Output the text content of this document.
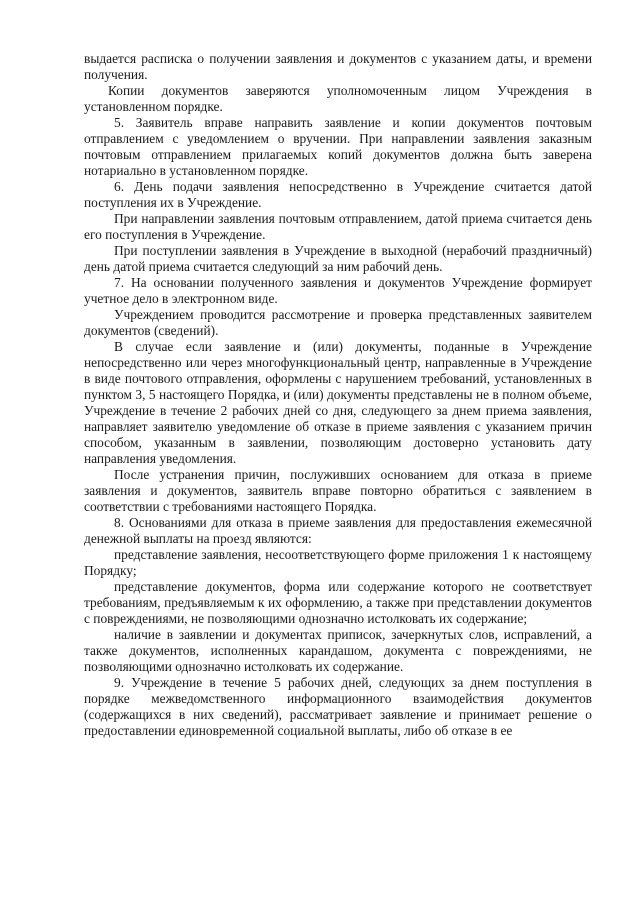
выдается расписка о получении заявления и документов с указанием даты, и времени получения.

Копии документов заверяются уполномоченным лицом Учреждения в установленном порядке.

5. Заявитель вправе направить заявление и копии документов почтовым отправлением с уведомлением о вручении. При направлении заявления заказным почтовым отправлением прилагаемых копий документов должна быть заверена нотариально в установленном порядке.

6. День подачи заявления непосредственно в Учреждение считается датой поступления их в Учреждение.

При направлении заявления почтовым отправлением, датой приема считается день его поступления в Учреждение.

При поступлении заявления в Учреждение в выходной (нерабочий праздничный) день датой приема считается следующий за ним рабочий день.

7. На основании полученного заявления и документов Учреждение формирует учетное дело в электронном виде.

Учреждением проводится рассмотрение и проверка представленных заявителем документов (сведений).

В случае если заявление и (или) документы, поданные в Учреждение непосредственно или через многофункциональный центр, направленные в Учреждение в виде почтового отправления, оформлены с нарушением требований, установленных в пунктом 3, 5 настоящего Порядка, и (или) документы представлены не в полном объеме, Учреждение в течение 2 рабочих дней со дня, следующего за днем приема заявления, направляет заявителю уведомление об отказе в приеме заявления с указанием причин способом, указанным в заявлении, позволяющим достоверно установить дату направления уведомления.

После устранения причин, послуживших основанием для отказа в приеме заявления и документов, заявитель вправе повторно обратиться с заявлением в соответствии с требованиями настоящего Порядка.

8. Основаниями для отказа в приеме заявления для предоставления ежемесячной денежной выплаты на проезд являются:

представление заявления, несоответствующего форме приложения 1 к настоящему Порядку;

представление документов, форма или содержание которого не соответствует требованиям, предъявляемым к их оформлению, а также при представлении документов с повреждениями, не позволяющими однозначно истолковать их содержание;

наличие в заявлении и документах приписок, зачеркнутых слов, исправлений, а также документов, исполненных карандашом, документа с повреждениями, не позволяющими однозначно истолковать их содержание.

9. Учреждение в течение 5 рабочих дней, следующих за днем поступления в порядке межведомственного информационного взаимодействия документов (содержащихся в них сведений), рассматривает заявление и принимает решение о предоставлении единовременной социальной выплаты, либо об отказе в ее
